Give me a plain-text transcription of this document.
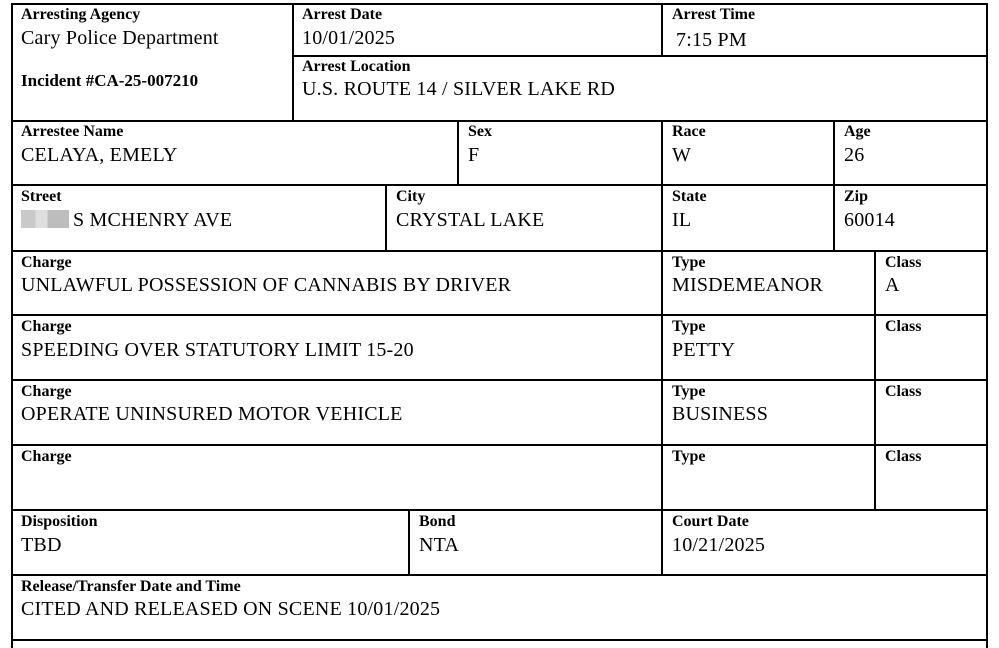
Arresting Agency
Cary Police Department
Incident #CA-25-007210
Arrest Date
10/01/2025
Arrest Time
7:15 PM
Arrest Location
U.S. ROUTE 14 / SILVER LAKE RD
Arrestee Name
CELAYA, EMELY
Sex
F
Race
W
Age
26
Street
S MCHENRY AVE
City
CRYSTAL LAKE
State
IL
Zip
60014
Charge
UNLAWFUL POSSESSION OF CANNABIS BY DRIVER
Type
MISDEMEANOR
Class
A
Charge
SPEEDING OVER STATUTORY LIMIT 15-20
Type
PETTY
Class
Charge
OPERATE UNINSURED MOTOR VEHICLE
Type
BUSINESS
Class
Charge	Type	Class
Disposition
TBD
Bond
NTA
Court Date
10/21/2025
Release/Transfer Date and Time
CITED AND RELEASED ON SCENE 10/01/2025
